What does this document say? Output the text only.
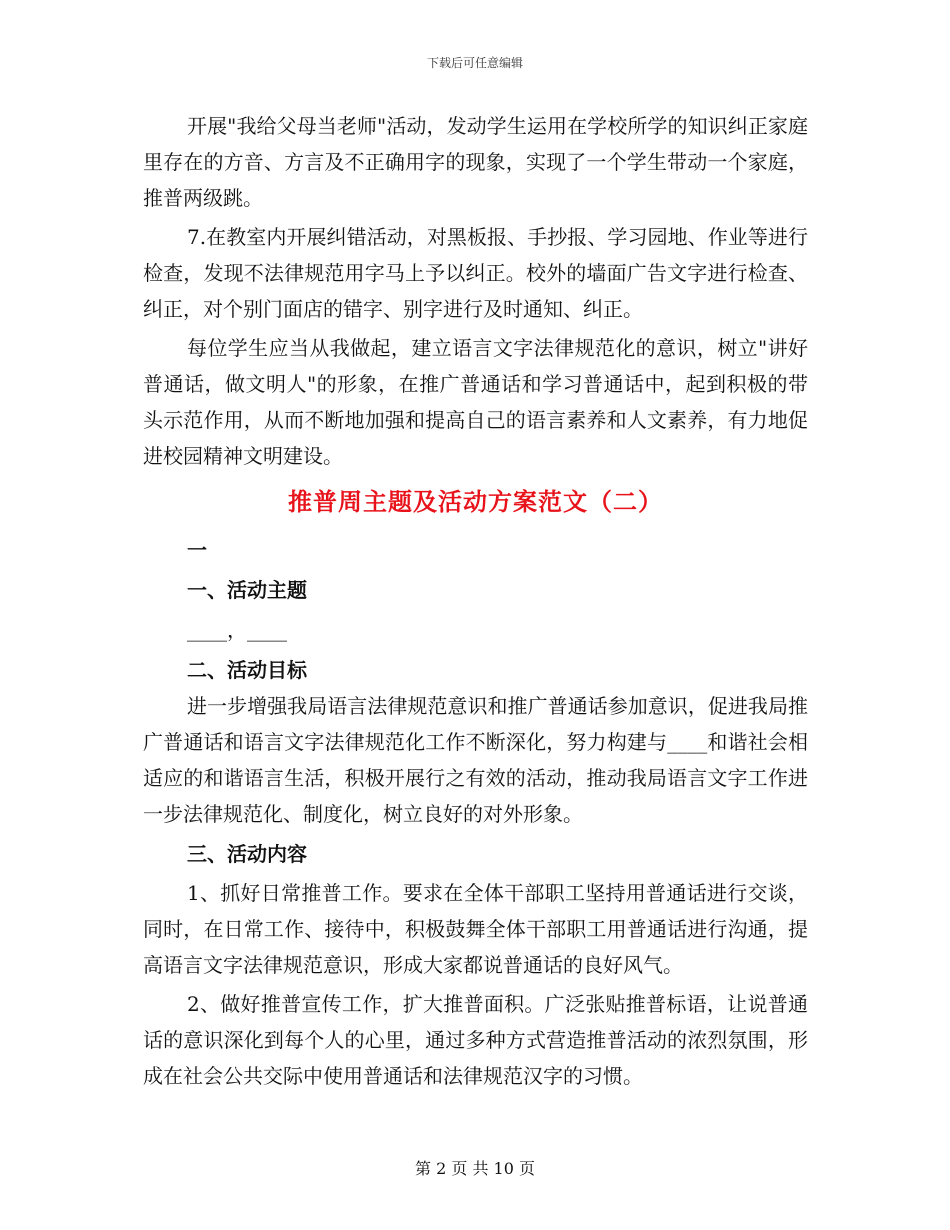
下载后可任意编辑

开展"我给父母当老师"活动，发动学生运用在学校所学的知识纠正家庭里存在的方音、方言及不正确用字的现象，实现了一个学生带动一个家庭，推普两级跳。

7.在教室内开展纠错活动，对黑板报、手抄报、学习园地、作业等进行检查，发现不法律规范用字马上予以纠正。校外的墙面广告文字进行检查、纠正，对个别门面店的错字、别字进行及时通知、纠正。

每位学生应当从我做起，建立语言文字法律规范化的意识，树立"讲好普通话，做文明人"的形象，在推广普通话和学习普通话中，起到积极的带头示范作用，从而不断地加强和提高自己的语言素养和人文素养，有力地促进校园精神文明建设。

推普周主题及活动方案范文（二）
一
一、活动主题
____，____
二、活动目标

进一步增强我局语言法律规范意识和推广普通话参加意识，促进我局推广普通话和语言文字法律规范化工作不断深化，努力构建与____和谐社会相适应的和谐语言生活，积极开展行之有效的活动，推动我局语言文字工作进一步法律规范化、制度化，树立良好的对外形象。

三、活动内容

1、抓好日常推普工作。要求在全体干部职工坚持用普通话进行交谈，同时，在日常工作、接待中，积极鼓舞全体干部职工用普通话进行沟通，提高语言文字法律规范意识，形成大家都说普通话的良好风气。

2、做好推普宣传工作，扩大推普面积。广泛张贴推普标语，让说普通话的意识深化到每个人的心里，通过多种方式营造推普活动的浓烈氛围，形成在社会公共交际中使用普通话和法律规范汉字的习惯。

第 2 页 共 10 页
